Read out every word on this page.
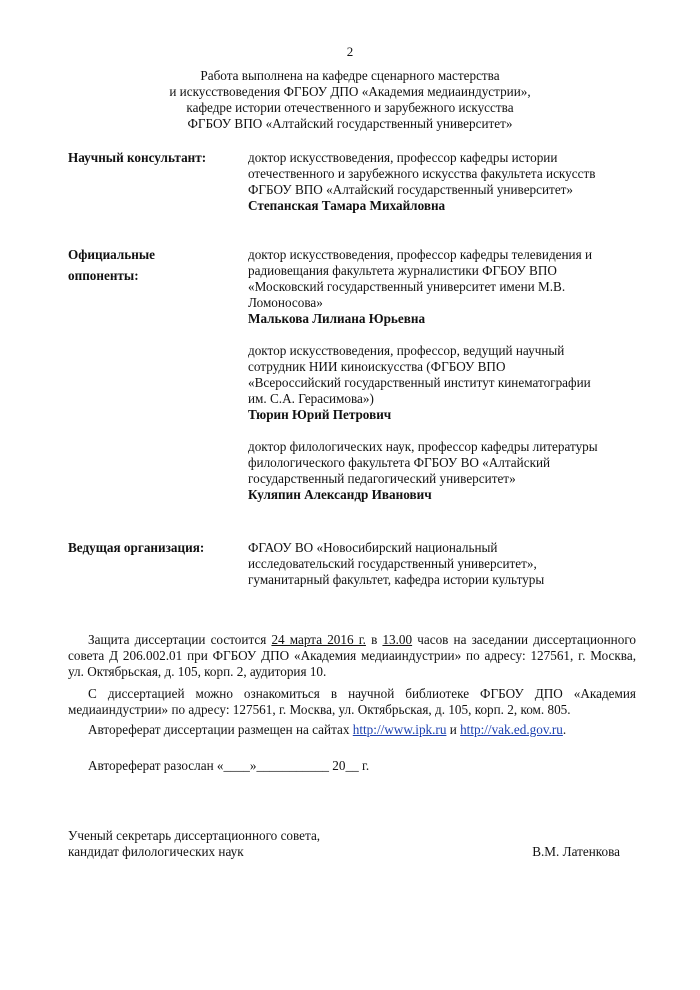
2
Работа выполнена на кафедре сценарного мастерства
и искусствоведения ФГБОУ ДПО «Академия медиаиндустрии»,
кафедре истории отечественного и зарубежного искусства
ФГБОУ ВПО «Алтайский государственный университет»
Научный консультант:	доктор искусствоведения, профессор кафедры истории
отечественного и зарубежного искусства факультета искусств
ФГБОУ ВПО «Алтайский государственный университет»
Степанская Тамара Михайловна
Официальные
оппоненты:
доктор искусствоведения, профессор кафедры телевидения и
радиовещания факультета журналистики ФГБОУ ВПО
«Московский государственный университет имени М.В.
Ломоносова»
Малькова Лилиана Юрьевна
доктор искусствоведения, профессор, ведущий научный
сотрудник НИИ киноискусства (ФГБОУ ВПО
«Всероссийский государственный институт кинематографии
им. С.А. Герасимова»)
Тюрин Юрий Петрович
доктор филологических наук, профессор кафедры литературы
филологического факультета ФГБОУ ВО «Алтайский
государственный педагогический университет»
Куляпин Александр Иванович
Ведущая организация:	ФГАОУ ВО «Новосибирский национальный
исследовательский государственный университет»,
гуманитарный факультет, кафедра истории культуры
Защита диссертации состоится 24 марта 2016 г. в 13.00 часов на заседании диссертационного совета Д 206.002.01 при ФГБОУ ДПО «Академия медиаиндустрии» по адресу: 127561, г. Москва, ул. Октябрьская, д. 105, корп. 2, аудитория 10.
С диссертацией можно ознакомиться в научной библиотеке ФГБОУ ДПО «Академия медиаиндустрии» по адресу: 127561, г. Москва, ул. Октябрьская, д. 105, корп. 2, ком. 805.
Автореферат диссертации размещен на сайтах http://www.ipk.ru и http://vak.ed.gov.ru.
Автореферат разослан «____»___________ 20__ г.
Ученый секретарь диссертационного совета,
кандидат филологических наук	В.М. Латенкова
